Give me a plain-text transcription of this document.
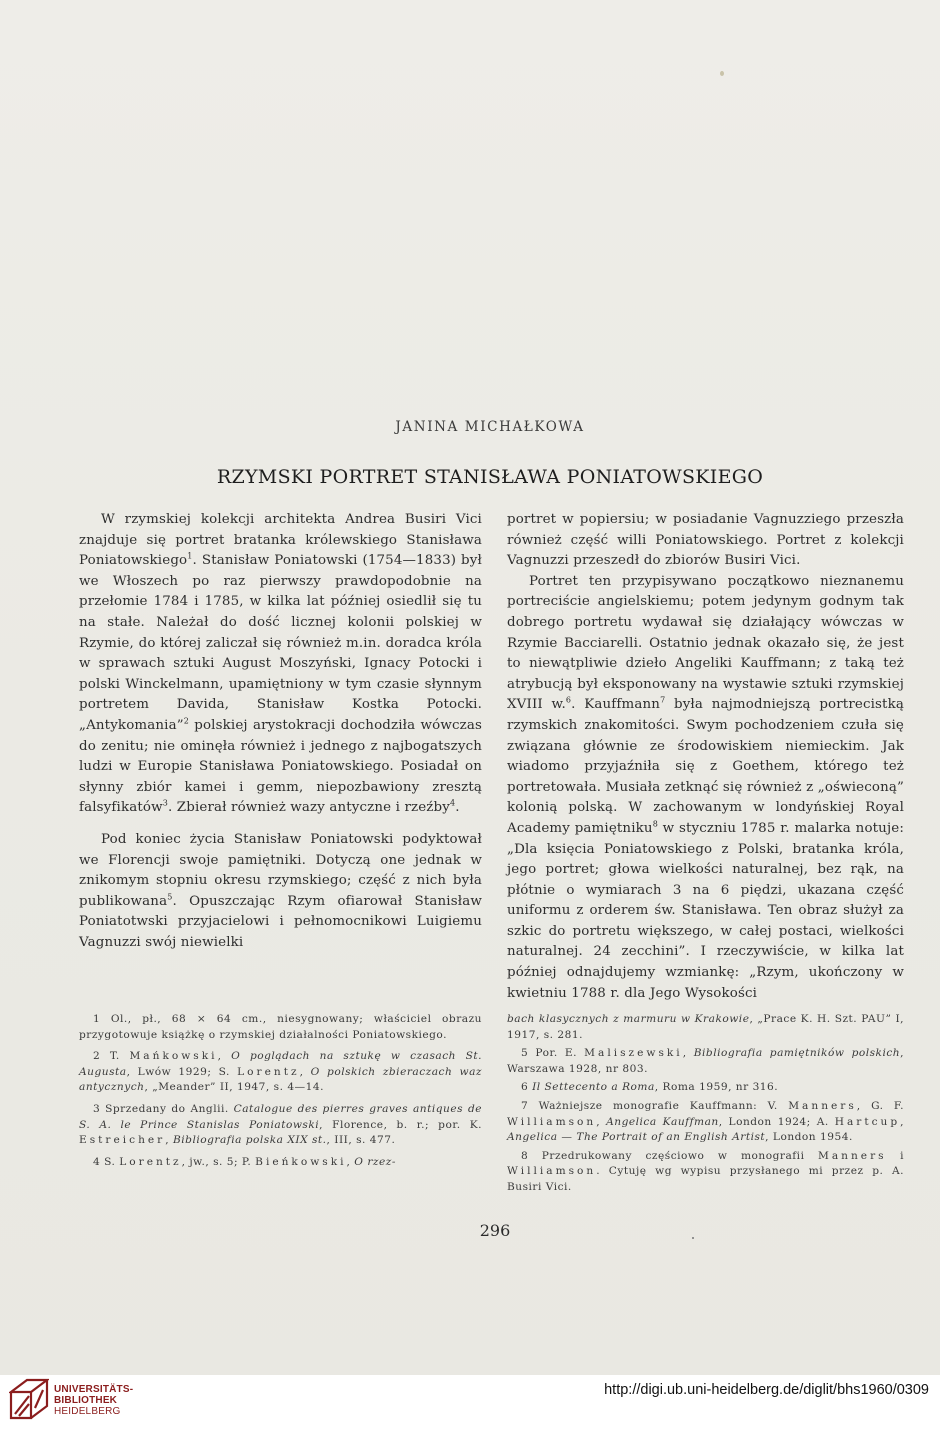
JANINA MICHAŁKOWA
RZYMSKI PORTRET STANISŁAWA PONIATOWSKIEGO

W rzymskiej kolekcji architekta Andrea Busiri Vici znajduje się portret bratanka królewskiego Stanisława Poniatowskiego$^1$. Stanisław Poniatowski (1754—1833) był we Włoszech po raz pierwszy prawdopodobnie na przełomie 1784 i 1785, w kilka lat później osiedlił się tu na stałe. Należał do dość licznej kolonii polskiej w Rzymie, do której zaliczał się również m.in. doradca króla w sprawach sztuki August Moszyński, Ignacy Potocki i polski Winckelmann, upamiętniony w tym czasie słynnym portretem Davida, Stanisław Kostka Potocki. „Antykomania”$^2$ polskiej arystokracji dochodziła wówczas do zenitu; nie ominęła również i jednego z najbogatszych ludzi w Europie Stanisława Poniatowskiego. Posiadał on słynny zbiór kamei i gemm, niepozbawiony zresztą falsyfikatów$^3$. Zbierał również wazy antyczne i rzeźby$^4$.

Pod koniec życia Stanisław Poniatowski podyktował we Florencji swoje pamiętniki. Dotyczą one jednak w znikomym stopniu okresu rzymskiego; część z nich była publikowana$^5$. Opuszczając Rzym ofiarował Stanisław Poniatotwski przyjacielowi i pełnomocnikowi Luigiemu Vagnuzzi swój niewielki

portret w popiersiu; w posiadanie Vagnuzziego przeszła również część willi Poniatowskiego. Portret z kolekcji Vagnuzzi przeszedł do zbiorów Busiri Vici.

Portret ten przypisywano początkowo nieznanemu portreciście angielskiemu; potem jedynym godnym tak dobrego portretu wydawał się działający wówczas w Rzymie Bacciarelli. Ostatnio jednak okazało się, że jest to niewątpliwie dzieło Angeliki Kauffmann; z taką też atrybucją był eksponowany na wystawie sztuki rzymskiej XVIII w.$^6$. Kauffmann$^7$ była najmodniejszą portrecistką rzymskich znakomitości. Swym pochodzeniem czuła się związana głównie ze środowiskiem niemieckim. Jak wiadomo przyjaźniła się z Goethem, którego też portretowała. Musiała zetknąć się również z „oświeconą” kolonią polską. W zachowanym w londyńskiej Royal Academy pamiętniku$^8$ w styczniu 1785 r. malarka notuje: „Dla księcia Poniatowskiego z Polski, bratanka króla, jego portret; głowa wielkości naturalnej, bez rąk, na płótnie o wymiarach 3 na 6 piędzi, ukazana część uniformu z orderem św. Stanisława. Ten obraz służył za szkic do portretu większego, w całej postaci, wielkości naturalnej. 24 zecchini”. I rzeczywiście, w kilka lat później odnajdujemy wzmiankę: „Rzym, ukończony w kwietniu 1788 r. dla Jego Wysokości

1 Ol., pł., 68 × 64 cm., niesygnowany; właściciel obrazu przygotowuje książkę o rzymskiej działalności Poniatowskiego.

2 T. Mańkowski, O poglądach na sztukę w czasach St. Augusta, Lwów 1929; S. Lorentz, O polskich zbieraczach waz antycznych, „Meander” II, 1947, s. 4—14.

3 Sprzedany do Anglii. Catalogue des pierres graves antiques de S. A. le Prince Stanislas Poniatowski, Florence, b. r.; por. K. Estreicher, Bibliografia polska XIX st., III, s. 477.

4 S. Lorentz, jw., s. 5; P. Bieńkowski, O rzez-

bach klasycznych z marmuru w Krakowie, „Prace K. H. Szt. PAU” I, 1917, s. 281.

5 Por. E. Maliszewski, Bibliografia pamiętników polskich, Warszawa 1928, nr 803.

6 Il Settecento a Roma, Roma 1959, nr 316.

7 Ważniejsze monografie Kauffmann: V. Manners, G. F. Williamson, Angelica Kauffman, London 1924; A. Hartcup, Angelica — The Portrait of an English Artist, London 1954.

8 Przedrukowany częściowo w monografii Manners i Williamson. Cytuję wg wypisu przysłanego mi przez p. A. Busiri Vici.

296
UNIVERSITÄTS-
BIBLIOTHEK
HEIDELBERG
http://digi.ub.uni-heidelberg.de/diglit/bhs1960/0309
